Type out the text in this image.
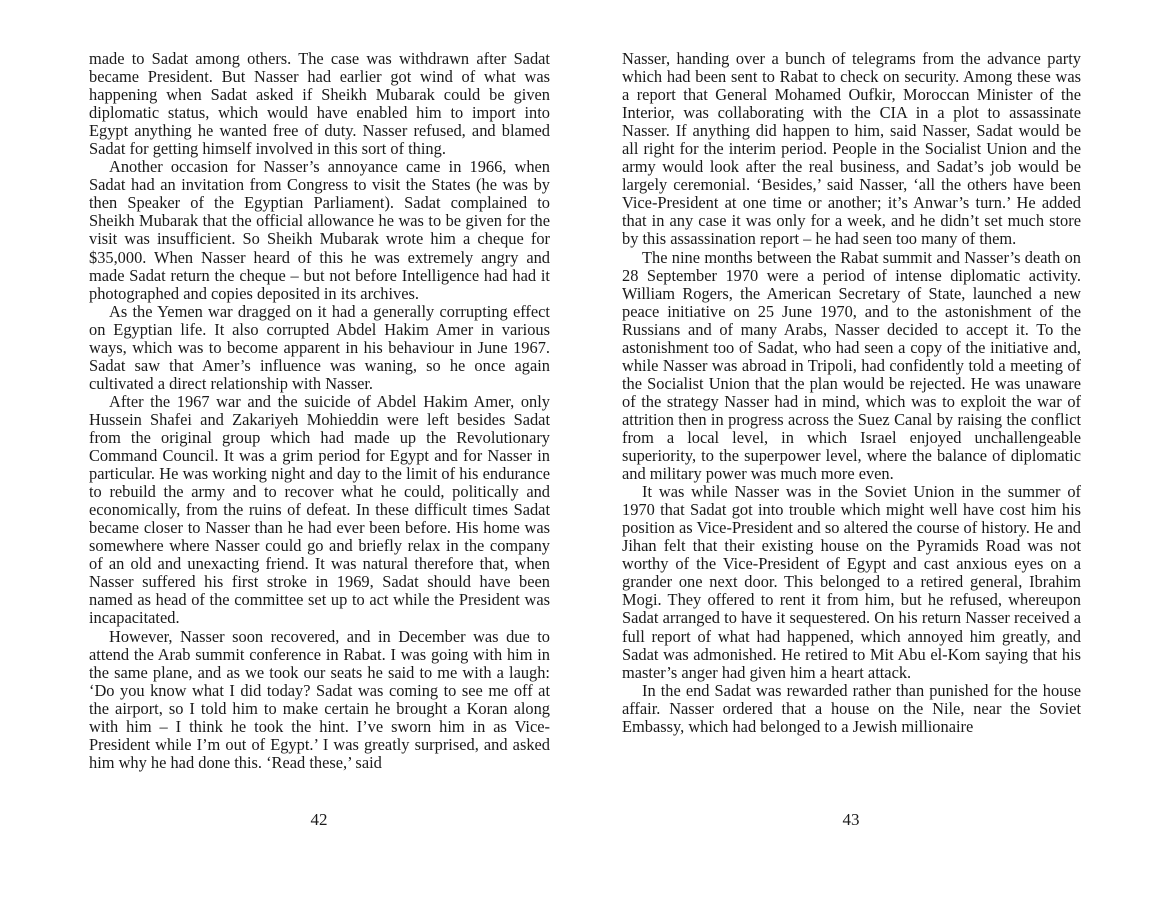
made to Sadat among others. The case was withdrawn after Sadat became President. But Nasser had earlier got wind of what was happening when Sadat asked if Sheikh Mubarak could be given diplomatic status, which would have enabled him to import into Egypt anything he wanted free of duty. Nasser refused, and blamed Sadat for getting himself involved in this sort of thing.

Another occasion for Nasser’s annoyance came in 1966, when Sadat had an invitation from Congress to visit the States (he was by then Speaker of the Egyptian Parliament). Sadat complained to Sheikh Mubarak that the official allowance he was to be given for the visit was insufficient. So Sheikh Mubarak wrote him a cheque for $35,000. When Nasser heard of this he was extremely angry and made Sadat return the cheque – but not before Intelligence had had it photographed and copies deposited in its archives.

As the Yemen war dragged on it had a generally corrupting effect on Egyptian life. It also corrupted Abdel Hakim Amer in various ways, which was to become apparent in his behaviour in June 1967. Sadat saw that Amer’s influence was waning, so he once again cultivated a direct relationship with Nasser.

After the 1967 war and the suicide of Abdel Hakim Amer, only Hussein Shafei and Zakariyeh Mohieddin were left besides Sadat from the original group which had made up the Revolutionary Command Council. It was a grim period for Egypt and for Nasser in particular. He was working night and day to the limit of his endurance to rebuild the army and to recover what he could, politically and economically, from the ruins of defeat. In these difficult times Sadat became closer to Nasser than he had ever been before. His home was somewhere where Nasser could go and briefly relax in the company of an old and unexacting friend. It was natural therefore that, when Nasser suffered his first stroke in 1969, Sadat should have been named as head of the committee set up to act while the President was incapacitated.

However, Nasser soon recovered, and in December was due to attend the Arab summit conference in Rabat. I was going with him in the same plane, and as we took our seats he said to me with a laugh: ‘Do you know what I did today? Sadat was coming to see me off at the airport, so I told him to make certain he brought a Koran along with him – I think he took the hint. I’ve sworn him in as Vice-President while I’m out of Egypt.’ I was greatly surprised, and asked him why he had done this. ‘Read these,’ said

42

Nasser, handing over a bunch of telegrams from the advance party which had been sent to Rabat to check on security. Among these was a report that General Mohamed Oufkir, Moroccan Minister of the Interior, was collaborating with the CIA in a plot to assassinate Nasser. If anything did happen to him, said Nasser, Sadat would be all right for the interim period. People in the Socialist Union and the army would look after the real business, and Sadat’s job would be largely ceremonial. ‘Besides,’ said Nasser, ‘all the others have been Vice-President at one time or another; it’s Anwar’s turn.’ He added that in any case it was only for a week, and he didn’t set much store by this assassination report – he had seen too many of them.

The nine months between the Rabat summit and Nasser’s death on 28 September 1970 were a period of intense diplomatic activity. William Rogers, the American Secretary of State, launched a new peace initiative on 25 June 1970, and to the astonishment of the Russians and of many Arabs, Nasser decided to accept it. To the astonishment too of Sadat, who had seen a copy of the initiative and, while Nasser was abroad in Tripoli, had confidently told a meeting of the Socialist Union that the plan would be rejected. He was unaware of the strategy Nasser had in mind, which was to exploit the war of attrition then in progress across the Suez Canal by raising the conflict from a local level, in which Israel enjoyed unchallengeable superiority, to the superpower level, where the balance of diplomatic and military power was much more even.

It was while Nasser was in the Soviet Union in the summer of 1970 that Sadat got into trouble which might well have cost him his position as Vice-President and so altered the course of history. He and Jihan felt that their existing house on the Pyramids Road was not worthy of the Vice-President of Egypt and cast anxious eyes on a grander one next door. This belonged to a retired general, Ibrahim Mogi. They offered to rent it from him, but he refused, whereupon Sadat arranged to have it sequestered. On his return Nasser received a full report of what had happened, which annoyed him greatly, and Sadat was admonished. He retired to Mit Abu el-Kom saying that his master’s anger had given him a heart attack.

In the end Sadat was rewarded rather than punished for the house affair. Nasser ordered that a house on the Nile, near the Soviet Embassy, which had belonged to a Jewish millionaire

43
